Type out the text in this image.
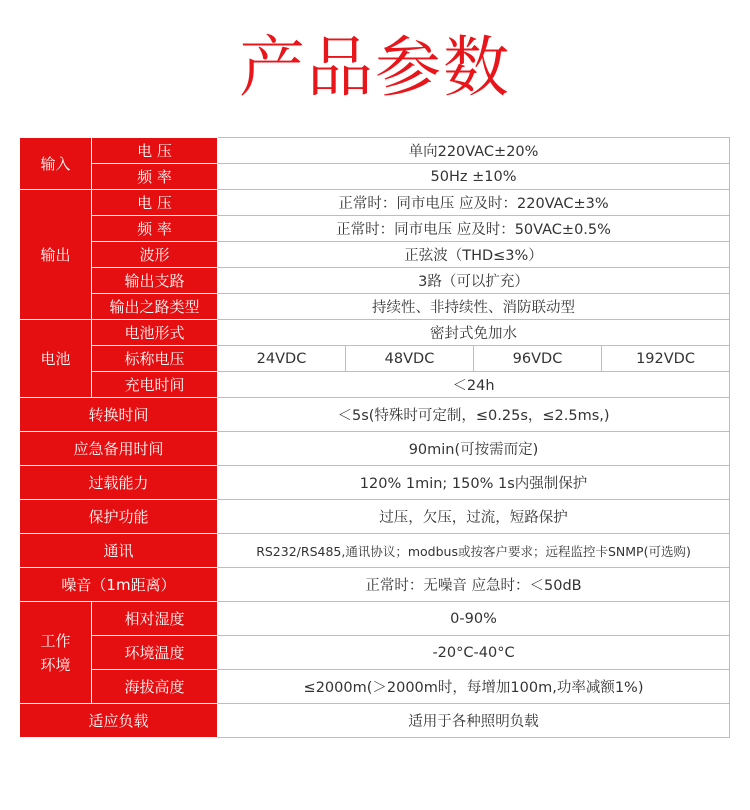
产品参数
输入	电 压	单向220VAC±20%			
	频 率	50Hz ±10%			
输出	电 压	正常时：同市电压 应及时：220VAC±3%			
	频 率	正常时：同市电压 应及时：50VAC±0.5%			
	波形	正弦波（THD≤3%）			
	输出支路	3路（可以扩充）			
	输出之路类型	持续性、非持续性、消防联动型			
电池	电池形式	密封式免加水			
	标称电压	24VDC	48VDC	96VDC	192VDC
	充电时间	＜24h			
转换时间		＜5s(特殊时可定制，≤0.25s，≤2.5ms,)			
应急备用时间		90min(可按需而定)			
过载能力		120% 1min; 150% 1s内强制保护			
保护功能		过压，欠压，过流，短路保护			
通讯		RS232/RS485,通讯协议；modbus或按客户要求；远程监控卡SNMP(可选购)			
噪音（1m距离）		正常时：无噪音 应急时：＜50dB			
工作环境	相对湿度	0-90%			
	环境温度	-20°C-40°C			
	海拔高度	≤2000m(＞2000m时，每增加100m,功率减额1%)			
适应负载		适用于各种照明负载			
